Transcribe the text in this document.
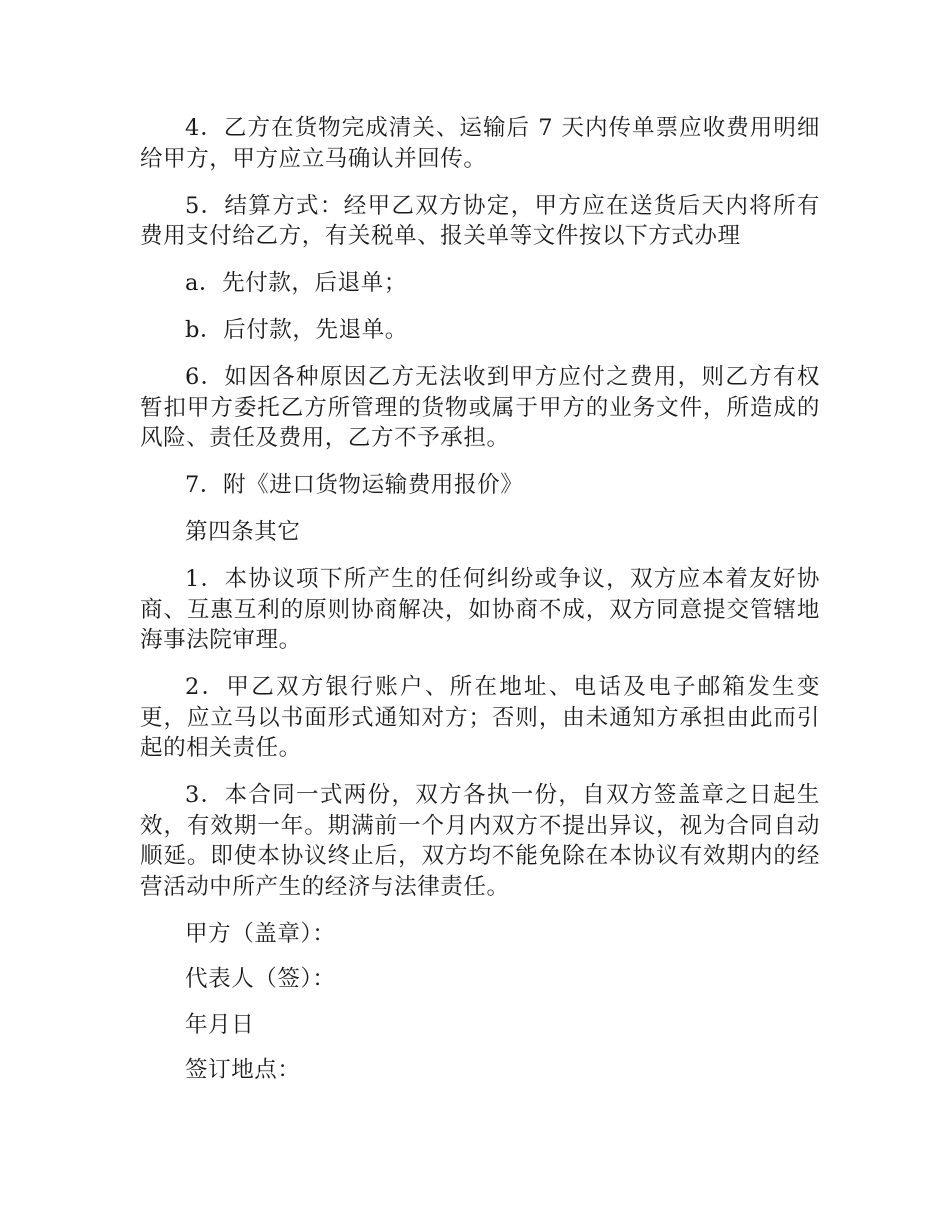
4．乙方在货物完成清关、运输后 7 天内传单票应收费用明细给甲方，甲方应立马确认并回传。

5．结算方式：经甲乙双方协定，甲方应在送货后天内将所有费用支付给乙方，有关税单、报关单等文件按以下方式办理

a．先付款，后退单；

b．后付款，先退单。

6．如因各种原因乙方无法收到甲方应付之费用，则乙方有权暂扣甲方委托乙方所管理的货物或属于甲方的业务文件，所造成的风险、责任及费用，乙方不予承担。

7．附《进口货物运输费用报价》

第四条其它

1．本协议项下所产生的任何纠纷或争议，双方应本着友好协商、互惠互利的原则协商解决，如协商不成，双方同意提交管辖地海事法院审理。

2．甲乙双方银行账户、所在地址、电话及电子邮箱发生变更，应立马以书面形式通知对方；否则，由未通知方承担由此而引起的相关责任。

3．本合同一式两份，双方各执一份，自双方签盖章之日起生效，有效期一年。期满前一个月内双方不提出异议，视为合同自动顺延。即使本协议终止后，双方均不能免除在本协议有效期内的经营活动中所产生的经济与法律责任。

甲方（盖章）：

代表人（签）：

年月日

签订地点：
